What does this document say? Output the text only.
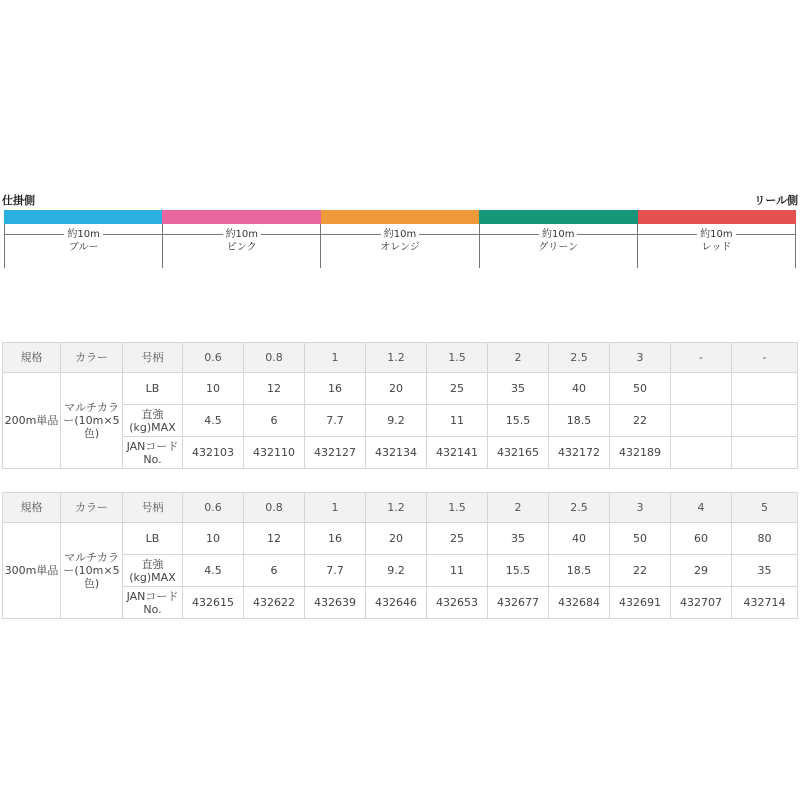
仕掛側	リール側
約10m
ブルー
約10m
ピンク
約10m
オレンジ
約10m
グリーン
約10m
レッド
規格	カラー	号柄	0.6	0.8	1	1.2	1.5	2	2.5	3	-	-
200m単品	マルチカラー(10m×5色)	LB	10	12	16	20	25	35	40	50		
		直強(kg)MAX	4.5	6	7.7	9.2	11	15.5	18.5	22		
		JANコードNo.	432103	432110	432127	432134	432141	432165	432172	432189		
規格	カラー	号柄	0.6	0.8	1	1.2	1.5	2	2.5	3	4	5
300m単品	マルチカラー(10m×5色)	LB	10	12	16	20	25	35	40	50	60	80
		直強(kg)MAX	4.5	6	7.7	9.2	11	15.5	18.5	22	29	35
		JANコードNo.	432615	432622	432639	432646	432653	432677	432684	432691	432707	432714
